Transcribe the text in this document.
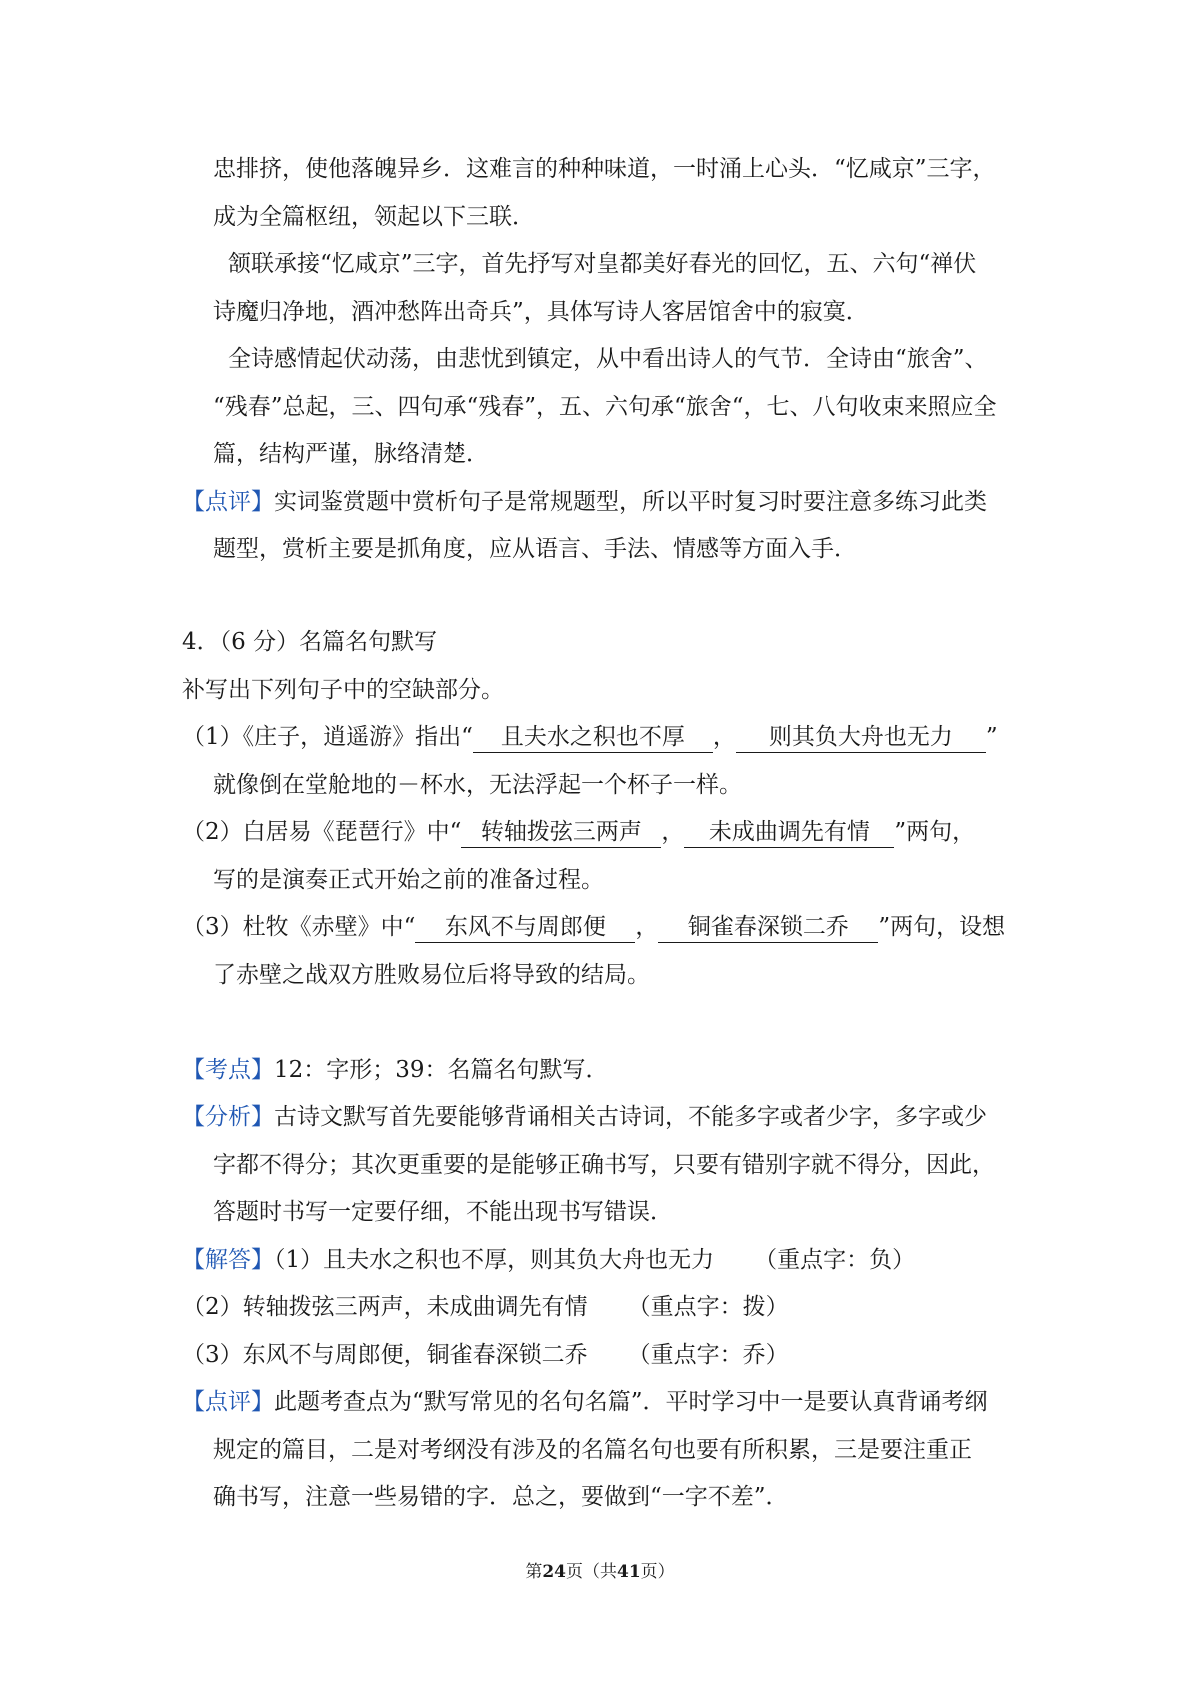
忠排挤，使他落魄异乡．这难言的种种味道，一时涌上心头．“忆咸京”三字，
成为全篇枢纽，领起以下三联．
颔联承接“忆咸京”三字，首先抒写对皇都美好春光的回忆，五、六句“禅伏
诗魔归净地，酒冲愁阵出奇兵”，具体写诗人客居馆舍中的寂寞．
全诗感情起伏动荡，由悲忧到镇定，从中看出诗人的气节．全诗由“旅舍”、
“残春”总起，三、四句承“残春”，五、六句承“旅舍“，七、八句收束来照应全
篇，结构严谨，脉络清楚．
【点评】实词鉴赏题中赏析句子是常规题型，所以平时复习时要注意多练习此类
题型，赏析主要是抓角度，应从语言、手法、情感等方面入手．
4．（6 分）名篇名句默写
补写出下列句子中的空缺部分。
（1）《庄子，逍遥游》指出“ 且夫水之积也不厚 ， 则其负大舟也无力 ”
就像倒在堂舱地的－杯水，无法浮起一个杯子一样。
（2）白居易《琵琶行》中“ 转轴拨弦三两声 ， 未成曲调先有情 ”两句，
写的是演奏正式开始之前的准备过程。
（3）杜牧《赤壁》中“ 东风不与周郎便 ， 铜雀春深锁二乔 ”两句，设想
了赤壁之战双方胜败易位后将导致的结局。
【考点】12：字形；39：名篇名句默写．
【分析】古诗文默写首先要能够背诵相关古诗词，不能多字或者少字，多字或少
字都不得分；其次更重要的是能够正确书写，只要有错别字就不得分，因此，
答题时书写一定要仔细，不能出现书写错误．
【解答】（1）且夫水之积也不厚，则其负大舟也无力 （重点字：负）
（2）转轴拨弦三两声，未成曲调先有情 （重点字：拨）
（3）东风不与周郎便，铜雀春深锁二乔 （重点字：乔）
【点评】此题考查点为“默写常见的名句名篇”．平时学习中一是要认真背诵考纲
规定的篇目，二是对考纲没有涉及的名篇名句也要有所积累，三是要注重正
确书写，注意一些易错的字．总之，要做到“一字不差”．
第24页（共41页）
